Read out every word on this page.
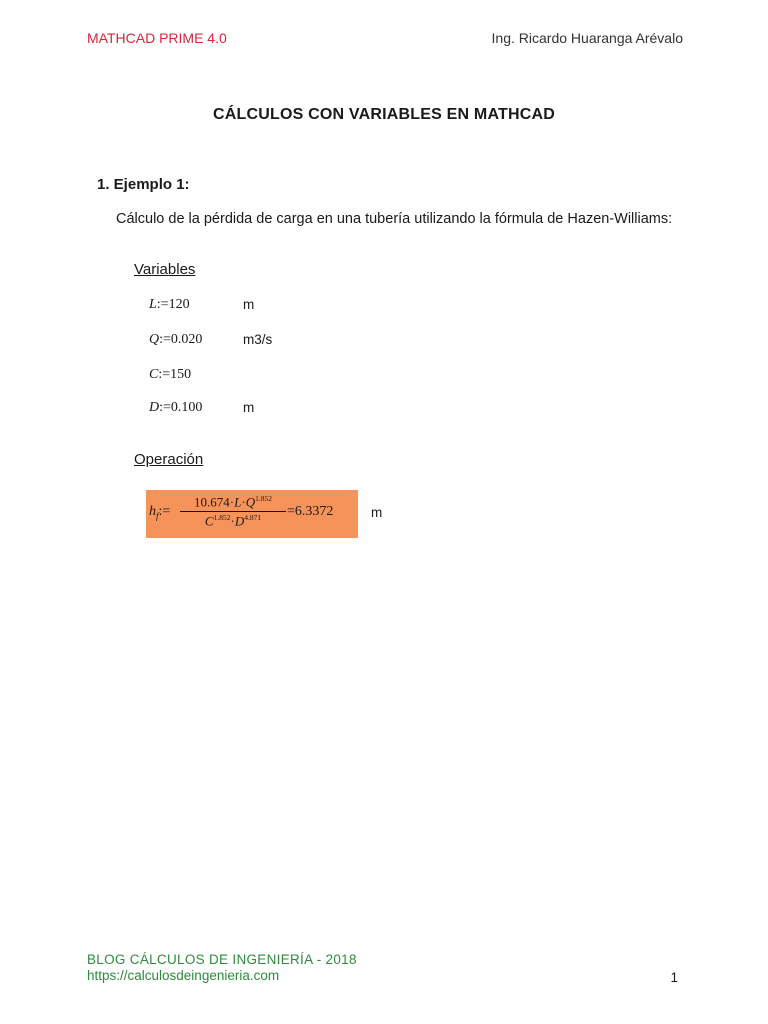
MATHCAD PRIME 4.0	Ing. Ricardo Huaranga Arévalo
CÁLCULOS CON VARIABLES EN MATHCAD
1. Ejemplo 1:
Cálculo de la pérdida de carga en una tubería utilizando la fórmula de Hazen-Williams:
Variables
L:=120	m
Q:=0.020	m3/s
C:=150
D:=0.100	m
Operación
$h_f:= \frac{10.674\cdot L\cdot Q^{1.852}}{C^{1.852}\cdot D^{4.871}} =6.3372$	m
BLOG CÁLCULOS DE INGENIERÍA - 2018
https://calculosdeingenieria.com	1
